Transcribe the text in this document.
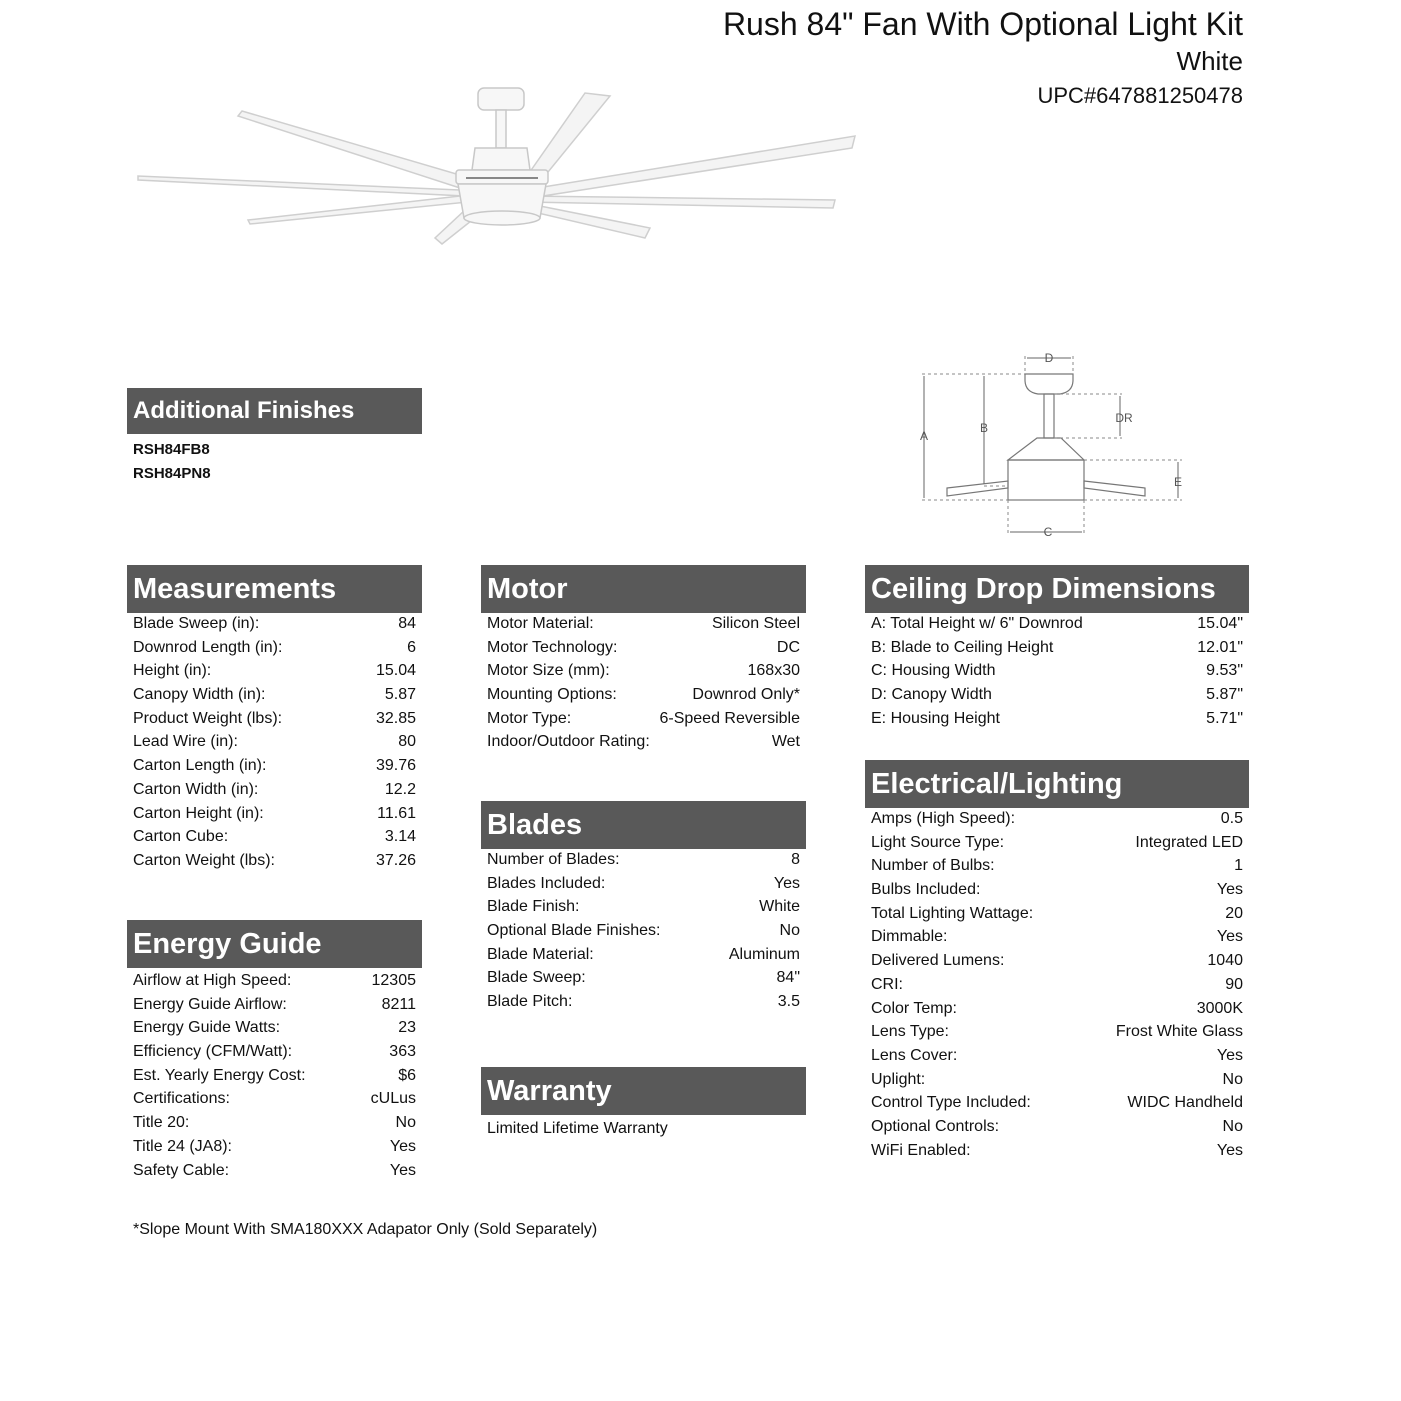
Rush 84" Fan With Optional Light Kit
White
UPC#647881250478
A
B
D
DR
E
C
Additional Finishes
RSH84FB8
RSH84PN8
Measurements
Blade Sweep (in):	84
Downrod Length (in):	6
Height (in):	15.04
Canopy Width (in):	5.87
Product Weight (lbs):	32.85
Lead Wire (in):	80
Carton Length (in):	39.76
Carton Width (in):	12.2
Carton Height (in):	11.61
Carton Cube:	3.14
Carton Weight (lbs):	37.26
Energy Guide
Airflow at High Speed:	12305
Energy Guide Airflow:	8211
Energy Guide Watts:	23
Efficiency (CFM/Watt):	363
Est. Yearly Energy Cost:	$6
Certifications:	cULus
Title 20:	No
Title 24 (JA8):	Yes
Safety Cable:	Yes
Motor
Motor Material:	Silicon Steel
Motor Technology:	DC
Motor Size (mm):	168x30
Mounting Options:	Downrod Only*
Motor Type:	6-Speed Reversible
Indoor/Outdoor Rating:	Wet
Blades
Number of Blades:	8
Blades Included:	Yes
Blade Finish:	White
Optional Blade Finishes:	No
Blade Material:	Aluminum
Blade Sweep:	84"
Blade Pitch:	3.5
Warranty
Limited Lifetime Warranty
Ceiling Drop Dimensions
A: Total Height w/ 6" Downrod	15.04"
B: Blade to Ceiling Height	12.01"
C: Housing Width	9.53"
D: Canopy Width	5.87"
E: Housing Height	5.71"
Electrical/Lighting
Amps (High Speed):	0.5
Light Source Type:	Integrated LED
Number of Bulbs:	1
Bulbs Included:	Yes
Total Lighting Wattage:	20
Dimmable:	Yes
Delivered Lumens:	1040
CRI:	90
Color Temp:	3000K
Lens Type:	Frost White Glass
Lens Cover:	Yes
Uplight:	No
Control Type Included:	WIDC Handheld
Optional Controls:	No
WiFi Enabled:	Yes
*Slope Mount With SMA180XXX Adapator Only (Sold Separately)
